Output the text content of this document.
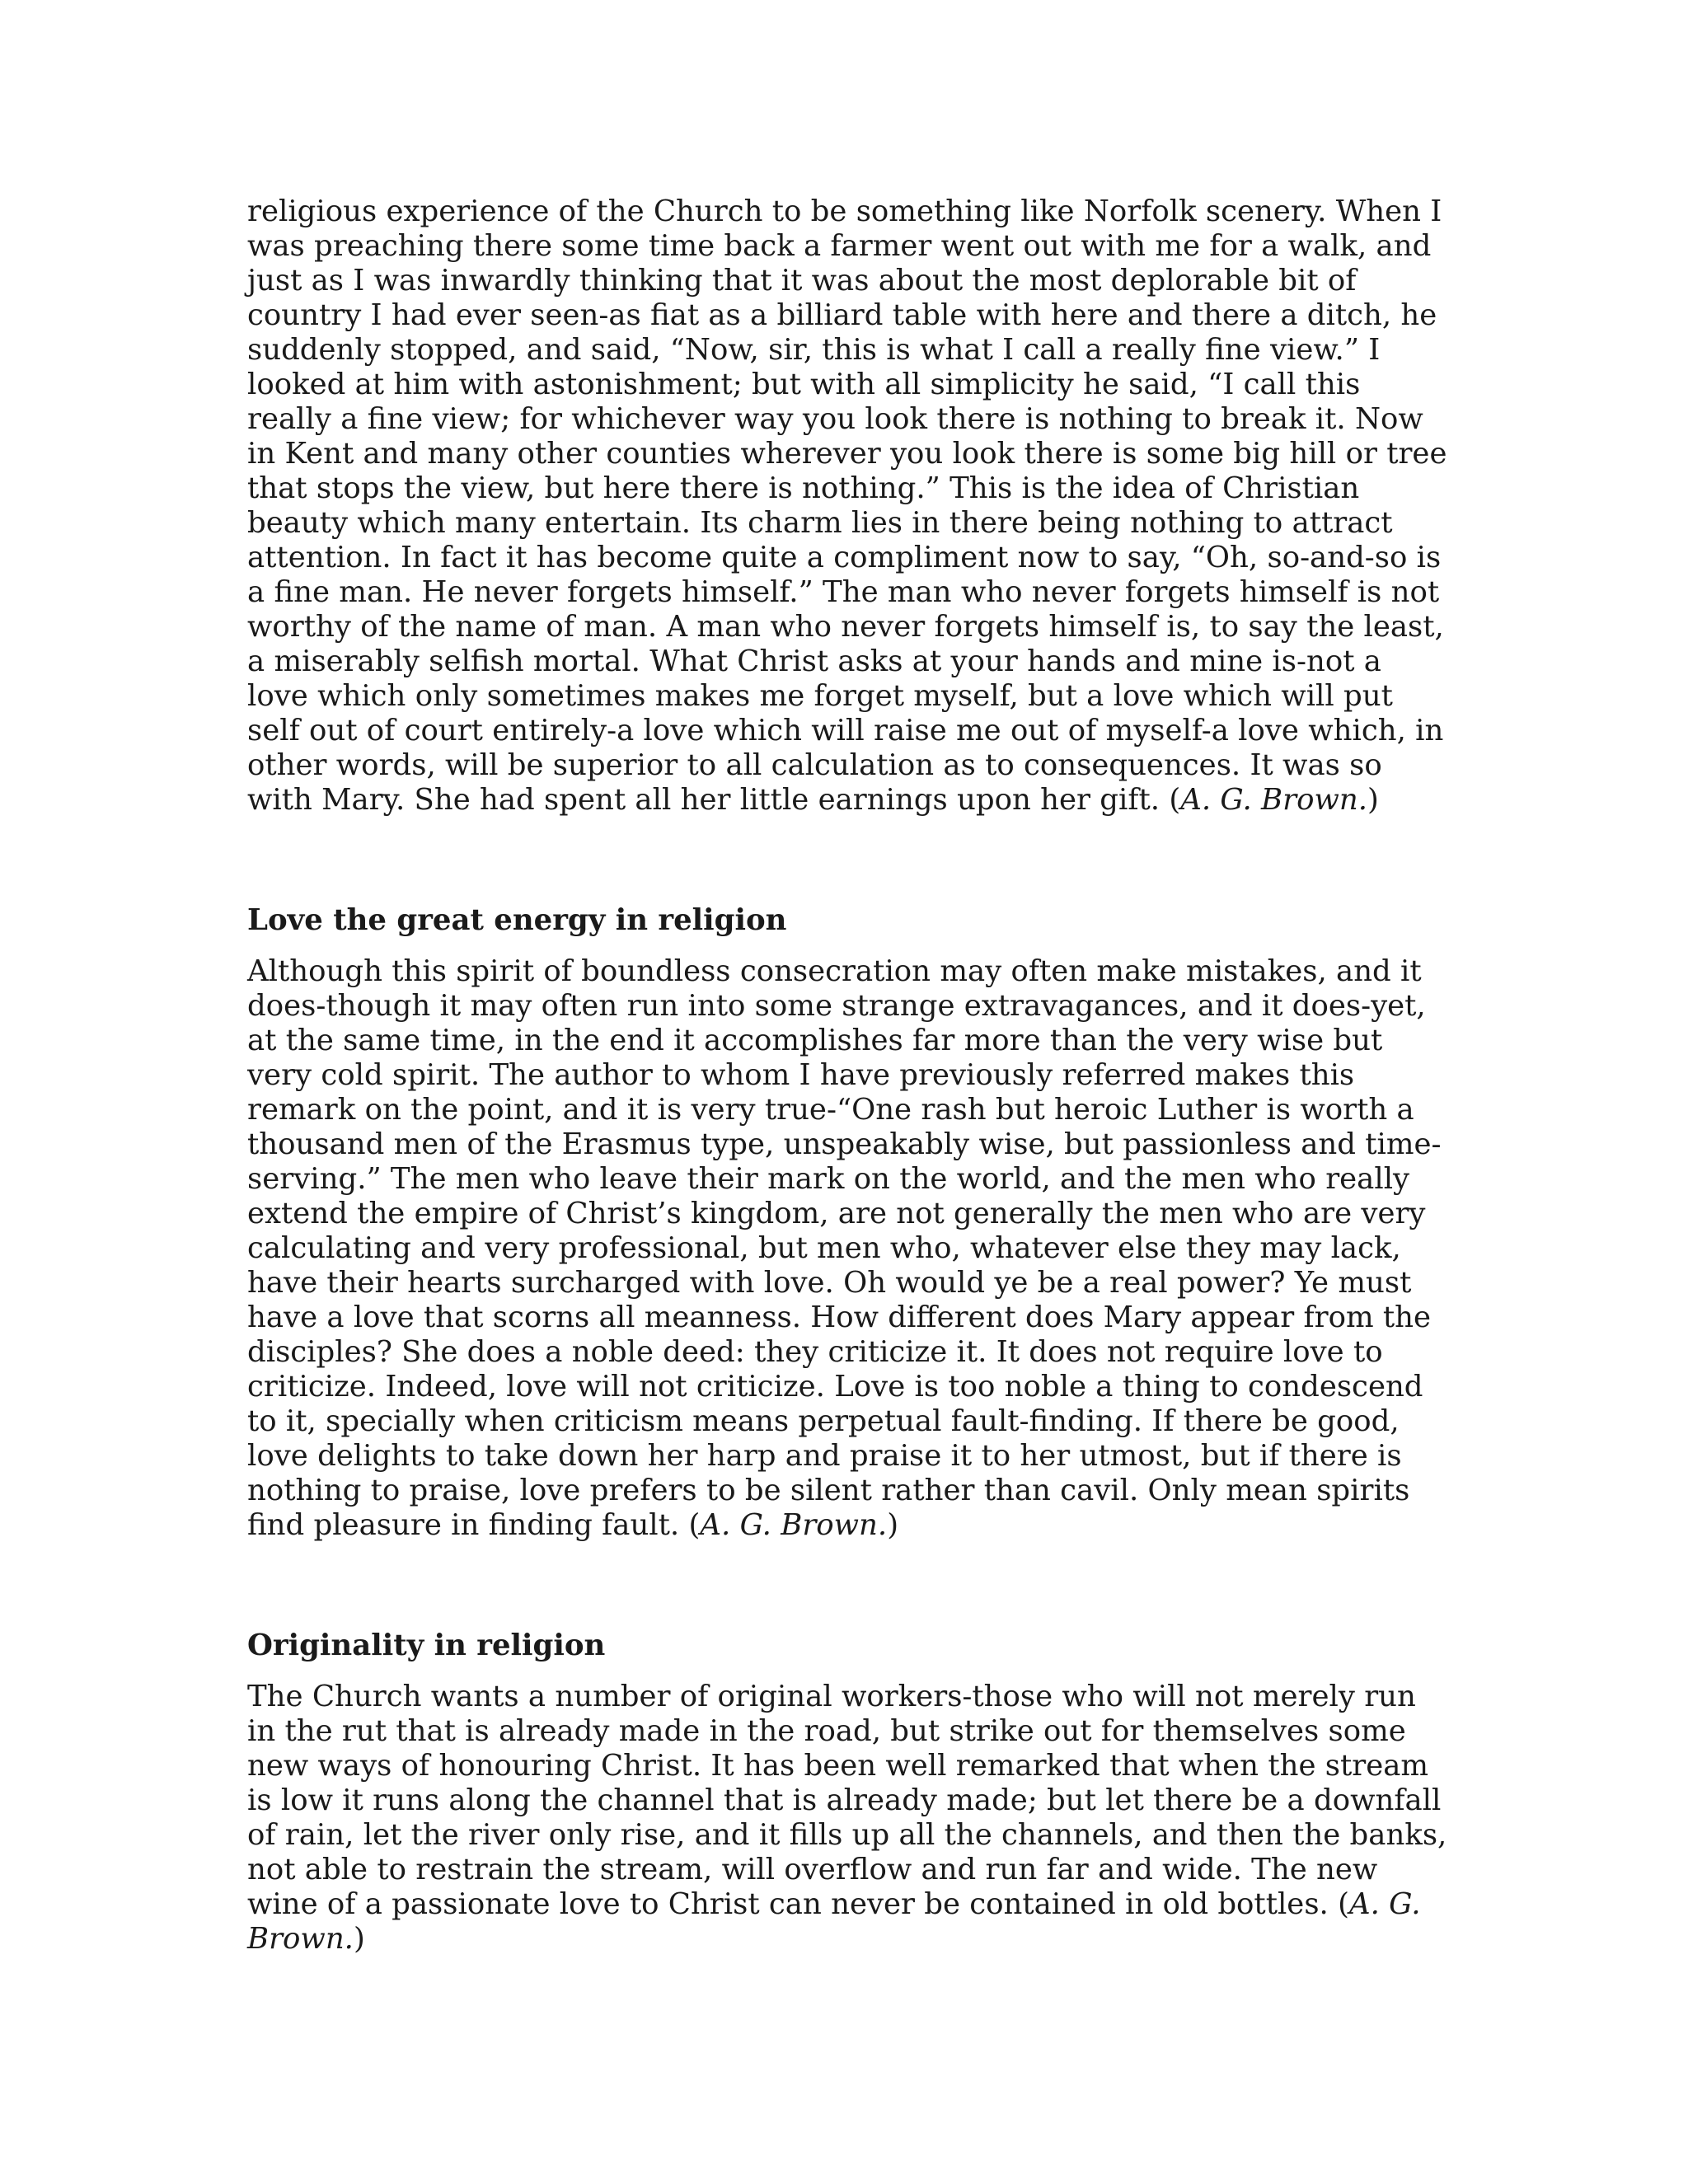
religious experience of the Church to be something like Norfolk scenery. When I was preaching there some time back a farmer went out with me for a walk, and just as I was inwardly thinking that it was about the most deplorable bit of country I had ever seen-as fiat as a billiard table with here and there a ditch, he suddenly stopped, and said, “Now, sir, this is what I call a really fine view.” I looked at him with astonishment; but with all simplicity he said, “I call this really a fine view; for whichever way you look there is nothing to break it. Now in Kent and many other counties wherever you look there is some big hill or tree that stops the view, but here there is nothing.” This is the idea of Christian beauty which many entertain. Its charm lies in there being nothing to attract attention. In fact it has become quite a compliment now to say, “Oh, so-and-so is a fine man. He never forgets himself.” The man who never forgets himself is not worthy of the name of man. A man who never forgets himself is, to say the least, a miserably selfish mortal. What Christ asks at your hands and mine is-not a love which only sometimes makes me forget myself, but a love which will put self out of court entirely-a love which will raise me out of myself-a love which, in other words, will be superior to all calculation as to consequences. It was so with Mary. She had spent all her little earnings upon her gift. (A. G. Brown.)

Love the great energy in religion

Although this spirit of boundless consecration may often make mistakes, and it does-though it may often run into some strange extravagances, and it does-yet, at the same time, in the end it accomplishes far more than the very wise but very cold spirit. The author to whom I have previously referred makes this remark on the point, and it is very true-“One rash but heroic Luther is worth a thousand men of the Erasmus type, unspeakably wise, but passionless and time-serving.” The men who leave their mark on the world, and the men who really extend the empire of Christ’s kingdom, are not generally the men who are very calculating and very professional, but men who, whatever else they may lack, have their hearts surcharged with love. Oh would ye be a real power? Ye must have a love that scorns all meanness. How different does Mary appear from the disciples? She does a noble deed: they criticize it. It does not require love to criticize. Indeed, love will not criticize. Love is too noble a thing to condescend to it, specially when criticism means perpetual fault-finding. If there be good, love delights to take down her harp and praise it to her utmost, but if there is nothing to praise, love prefers to be silent rather than cavil. Only mean spirits find pleasure in finding fault. (A. G. Brown.)

Originality in religion

The Church wants a number of original workers-those who will not merely run in the rut that is already made in the road, but strike out for themselves some new ways of honouring Christ. It has been well remarked that when the stream is low it runs along the channel that is already made; but let there be a downfall of rain, let the river only rise, and it fills up all the channels, and then the banks, not able to restrain the stream, will overflow and run far and wide. The new wine of a passionate love to Christ can never be contained in old bottles. (A. G. Brown.)
